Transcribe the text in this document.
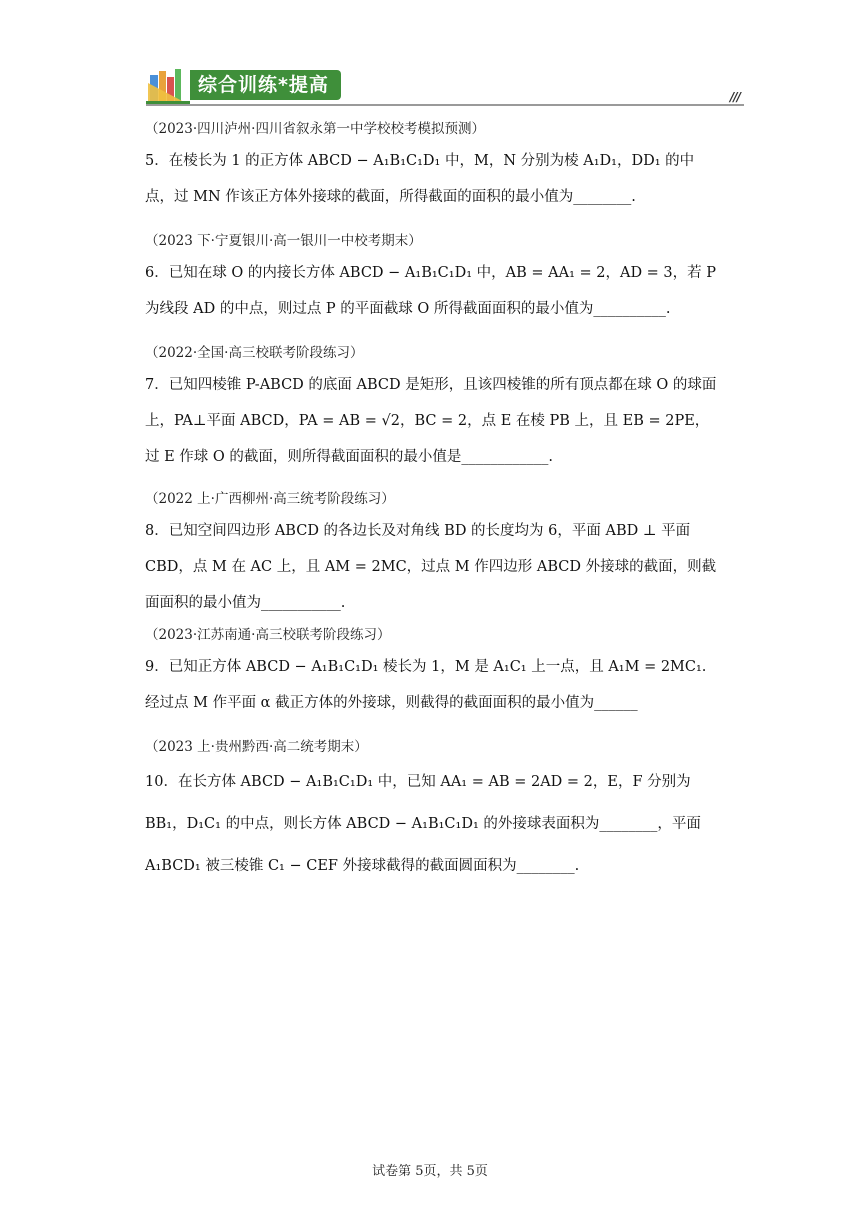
综合训练*提高
///
（2023·四川泸州·四川省叙永第一中学校校考模拟预测）
5．在棱长为 1 的正方体 ABCD − A₁B₁C₁D₁ 中，M，N 分别为棱 A₁D₁，DD₁ 的中点，过 MN 作该正方体外接球的截面，所得截面的面积的最小值为________.
（2023 下·宁夏银川·高一银川一中校考期末）
6．已知在球 O 的内接长方体 ABCD − A₁B₁C₁D₁ 中，AB = AA₁ = 2，AD = 3，若 P 为线段 AD 的中点，则过点 P 的平面截球 O 所得截面面积的最小值为__________.
（2022·全国·高三校联考阶段练习）
7．已知四棱锥 P-ABCD 的底面 ABCD 是矩形，且该四棱锥的所有顶点都在球 O 的球面上，PA⊥平面 ABCD，PA = AB = √2，BC = 2，点 E 在棱 PB 上，且 EB = 2PE，过 E 作球 O 的截面，则所得截面面积的最小值是____________.
（2022 上·广西柳州·高三统考阶段练习）
8．已知空间四边形 ABCD 的各边长及对角线 BD 的长度均为 6，平面 ABD ⊥ 平面 CBD，点 M 在 AC 上，且 AM = 2MC，过点 M 作四边形 ABCD 外接球的截面，则截面面积的最小值为___________.
（2023·江苏南通·高三校联考阶段练习）
9．已知正方体 ABCD − A₁B₁C₁D₁ 棱长为 1，M 是 A₁C₁ 上一点，且 A₁M = 2MC₁.经过点 M 作平面 α 截正方体的外接球，则截得的截面面积的最小值为______
（2023 上·贵州黔西·高二统考期末）
10．在长方体 ABCD − A₁B₁C₁D₁ 中，已知 AA₁ = AB = 2AD = 2，E，F 分别为 BB₁，D₁C₁ 的中点，则长方体 ABCD − A₁B₁C₁D₁ 的外接球表面积为________，平面 A₁BCD₁ 被三棱锥 C₁ − CEF 外接球截得的截面圆面积为________.
试卷第 5页，共 5页
